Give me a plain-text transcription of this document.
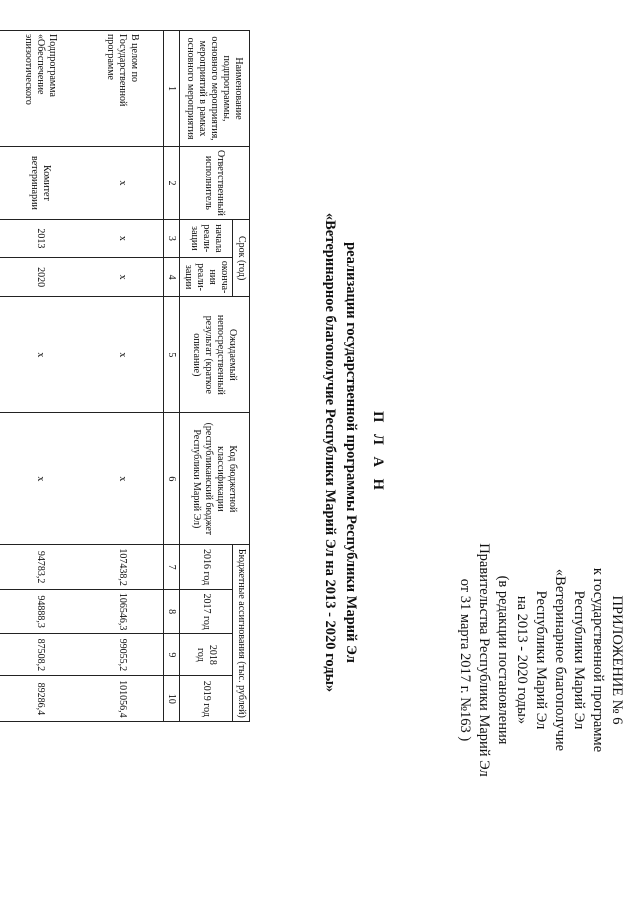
ПРИЛОЖЕНИЕ № 6
к государственной программе
Республики Марий Эл
«Ветеринарное благополучие
Республики Марий Эл
на 2013 - 2020 годы»
(в редакции постановления
Правительства Республики Марий Эл
от 31 марта 2017 г. №163 )
П Л А Н
реализации государственной программы Республики Марий Эл
«Ветеринарное благополучие Республики Марий Эл на 2013 - 2020 годы»
Наименование подпрограммы, основного мероприятия, мероприятий в рамках основного мероприятия	Ответственный исполнитель	Срок (год)		Ожидаемый непосредственный результат (краткое описание)	Код бюджетной классификации (республиканский бюджет Республики Марий Эл)	Бюджетные ассигнования (тыс. рублей)			
		начала реали-зации	оконча-ния реали-зации			2016 год	2017 год	2018 год	2019 год
1	2	3	4	5	6	7	8	9	10
В целом по Государственной программе	х	х	х	х	х	107438,2	106546,3	99055,2	101056,4
Подпрограмма «Обеспечение эпизоотического	Комитет ветеринарии	2013	2020	х	х	94783,2	94888,3	87508,2	89286,4
